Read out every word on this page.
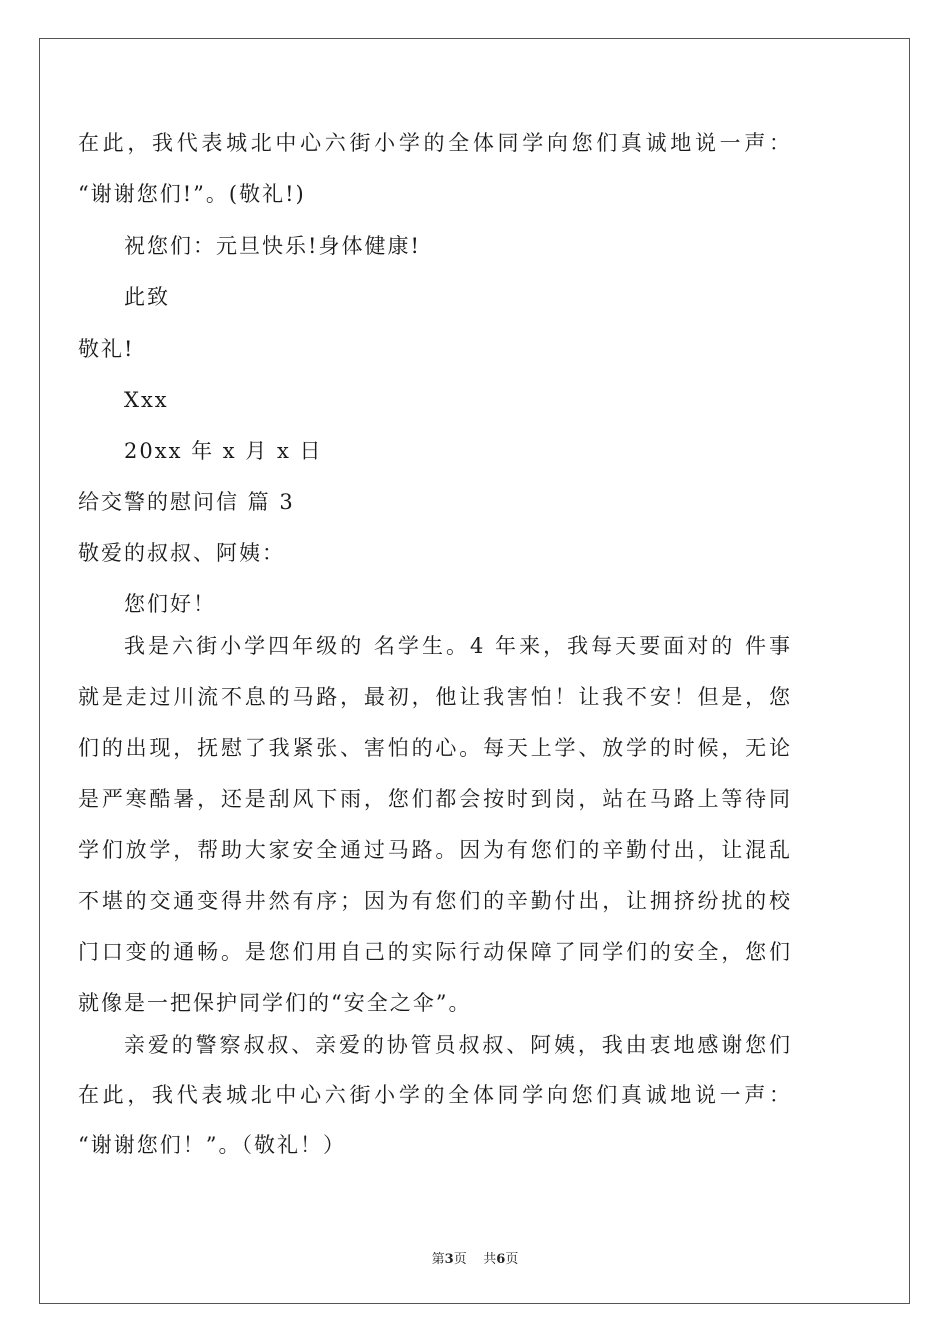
在此，我代表城北中心六街小学的全体同学向您们真诚地说一声：
“谢谢您们!”。(敬礼!)
祝您们：元旦快乐!身体健康!
此致
敬礼!
Xxx
20xx 年 x 月 x 日
给交警的慰问信 篇 3
敬爱的叔叔、阿姨：
您们好！
我是六街小学四年级的 名学生。4 年来，我每天要面对的 件事
就是走过川流不息的马路，最初，他让我害怕！让我不安！但是，您
们的出现，抚慰了我紧张、害怕的心。每天上学、放学的时候，无论
是严寒酷暑，还是刮风下雨，您们都会按时到岗，站在马路上等待同
学们放学，帮助大家安全通过马路。因为有您们的辛勤付出，让混乱
不堪的交通变得井然有序；因为有您们的辛勤付出，让拥挤纷扰的校
门口变的通畅。是您们用自己的实际行动保障了同学们的安全，您们
就像是一把保护同学们的“安全之伞”。
亲爱的警察叔叔、亲爱的协管员叔叔、阿姨，我由衷地感谢您们
在此，我代表城北中心六街小学的全体同学向您们真诚地说一声：
“谢谢您们！”。（敬礼！）
第3页 共6页
